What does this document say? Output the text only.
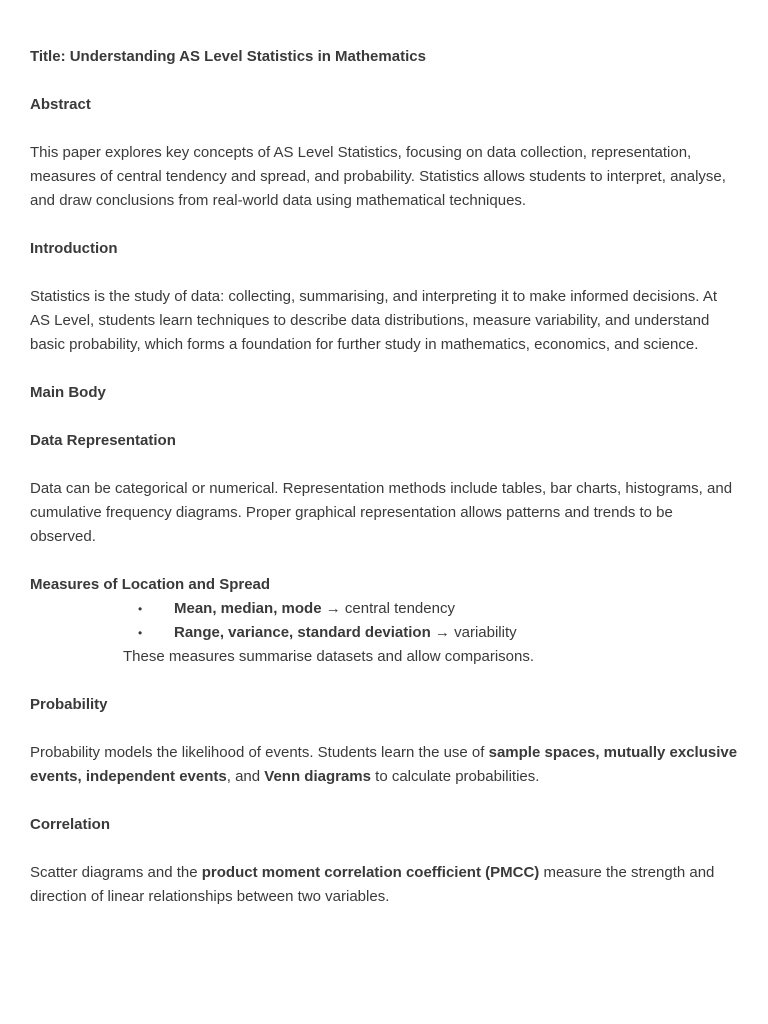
Title: Understanding AS Level Statistics in Mathematics

Abstract

This paper explores key concepts of AS Level Statistics, focusing on data collection, representation, measures of central tendency and spread, and probability. Statistics allows students to interpret, analyse, and draw conclusions from real-world data using mathematical techniques.

Introduction

Statistics is the study of data: collecting, summarising, and interpreting it to make informed decisions. At AS Level, students learn techniques to describe data distributions, measure variability, and understand basic probability, which forms a foundation for further study in mathematics, economics, and science.

Main Body

Data Representation

Data can be categorical or numerical. Representation methods include tables, bar charts, histograms, and cumulative frequency diagrams. Proper graphical representation allows patterns and trends to be observed.

Measures of Location and Spread

• Mean, median, mode → central tendency
• Range, variance, standard deviation → variability

These measures summarise datasets and allow comparisons.

Probability

Probability models the likelihood of events. Students learn the use of sample spaces, mutually exclusive events, independent events, and Venn diagrams to calculate probabilities.

Correlation

Scatter diagrams and the product moment correlation coefficient (PMCC) measure the strength and direction of linear relationships between two variables.
